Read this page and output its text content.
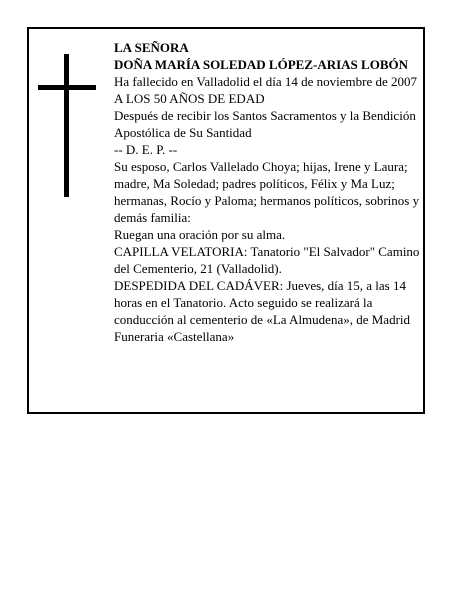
LA SEÑORA
DOÑA MARÍA SOLEDAD LÓPEZ-ARIAS LOBÓN
Ha fallecido en Valladolid el día 14 de noviembre de 2007
A LOS 50 AÑOS DE EDAD
Después de recibir los Santos Sacramentos y la Bendición Apostólica de Su Santidad
-- D. E. P. --
Su esposo, Carlos Vallelado Choya; hijas, Irene y Laura; madre, Ma Soledad; padres políticos, Félix y Ma Luz; hermanas, Rocío y Paloma; hermanos políticos, sobrinos y demás familia:
Ruegan una oración por su alma.
CAPILLA VELATORIA: Tanatorio "El Salvador" Camino del Cementerio, 21 (Valladolid).
DESPEDIDA DEL CADÁVER: Jueves, día 15, a las 14 horas en el Tanatorio. Acto seguido se realizará la conducción al cementerio de «La Almudena», de Madrid
Funeraria «Castellana»
